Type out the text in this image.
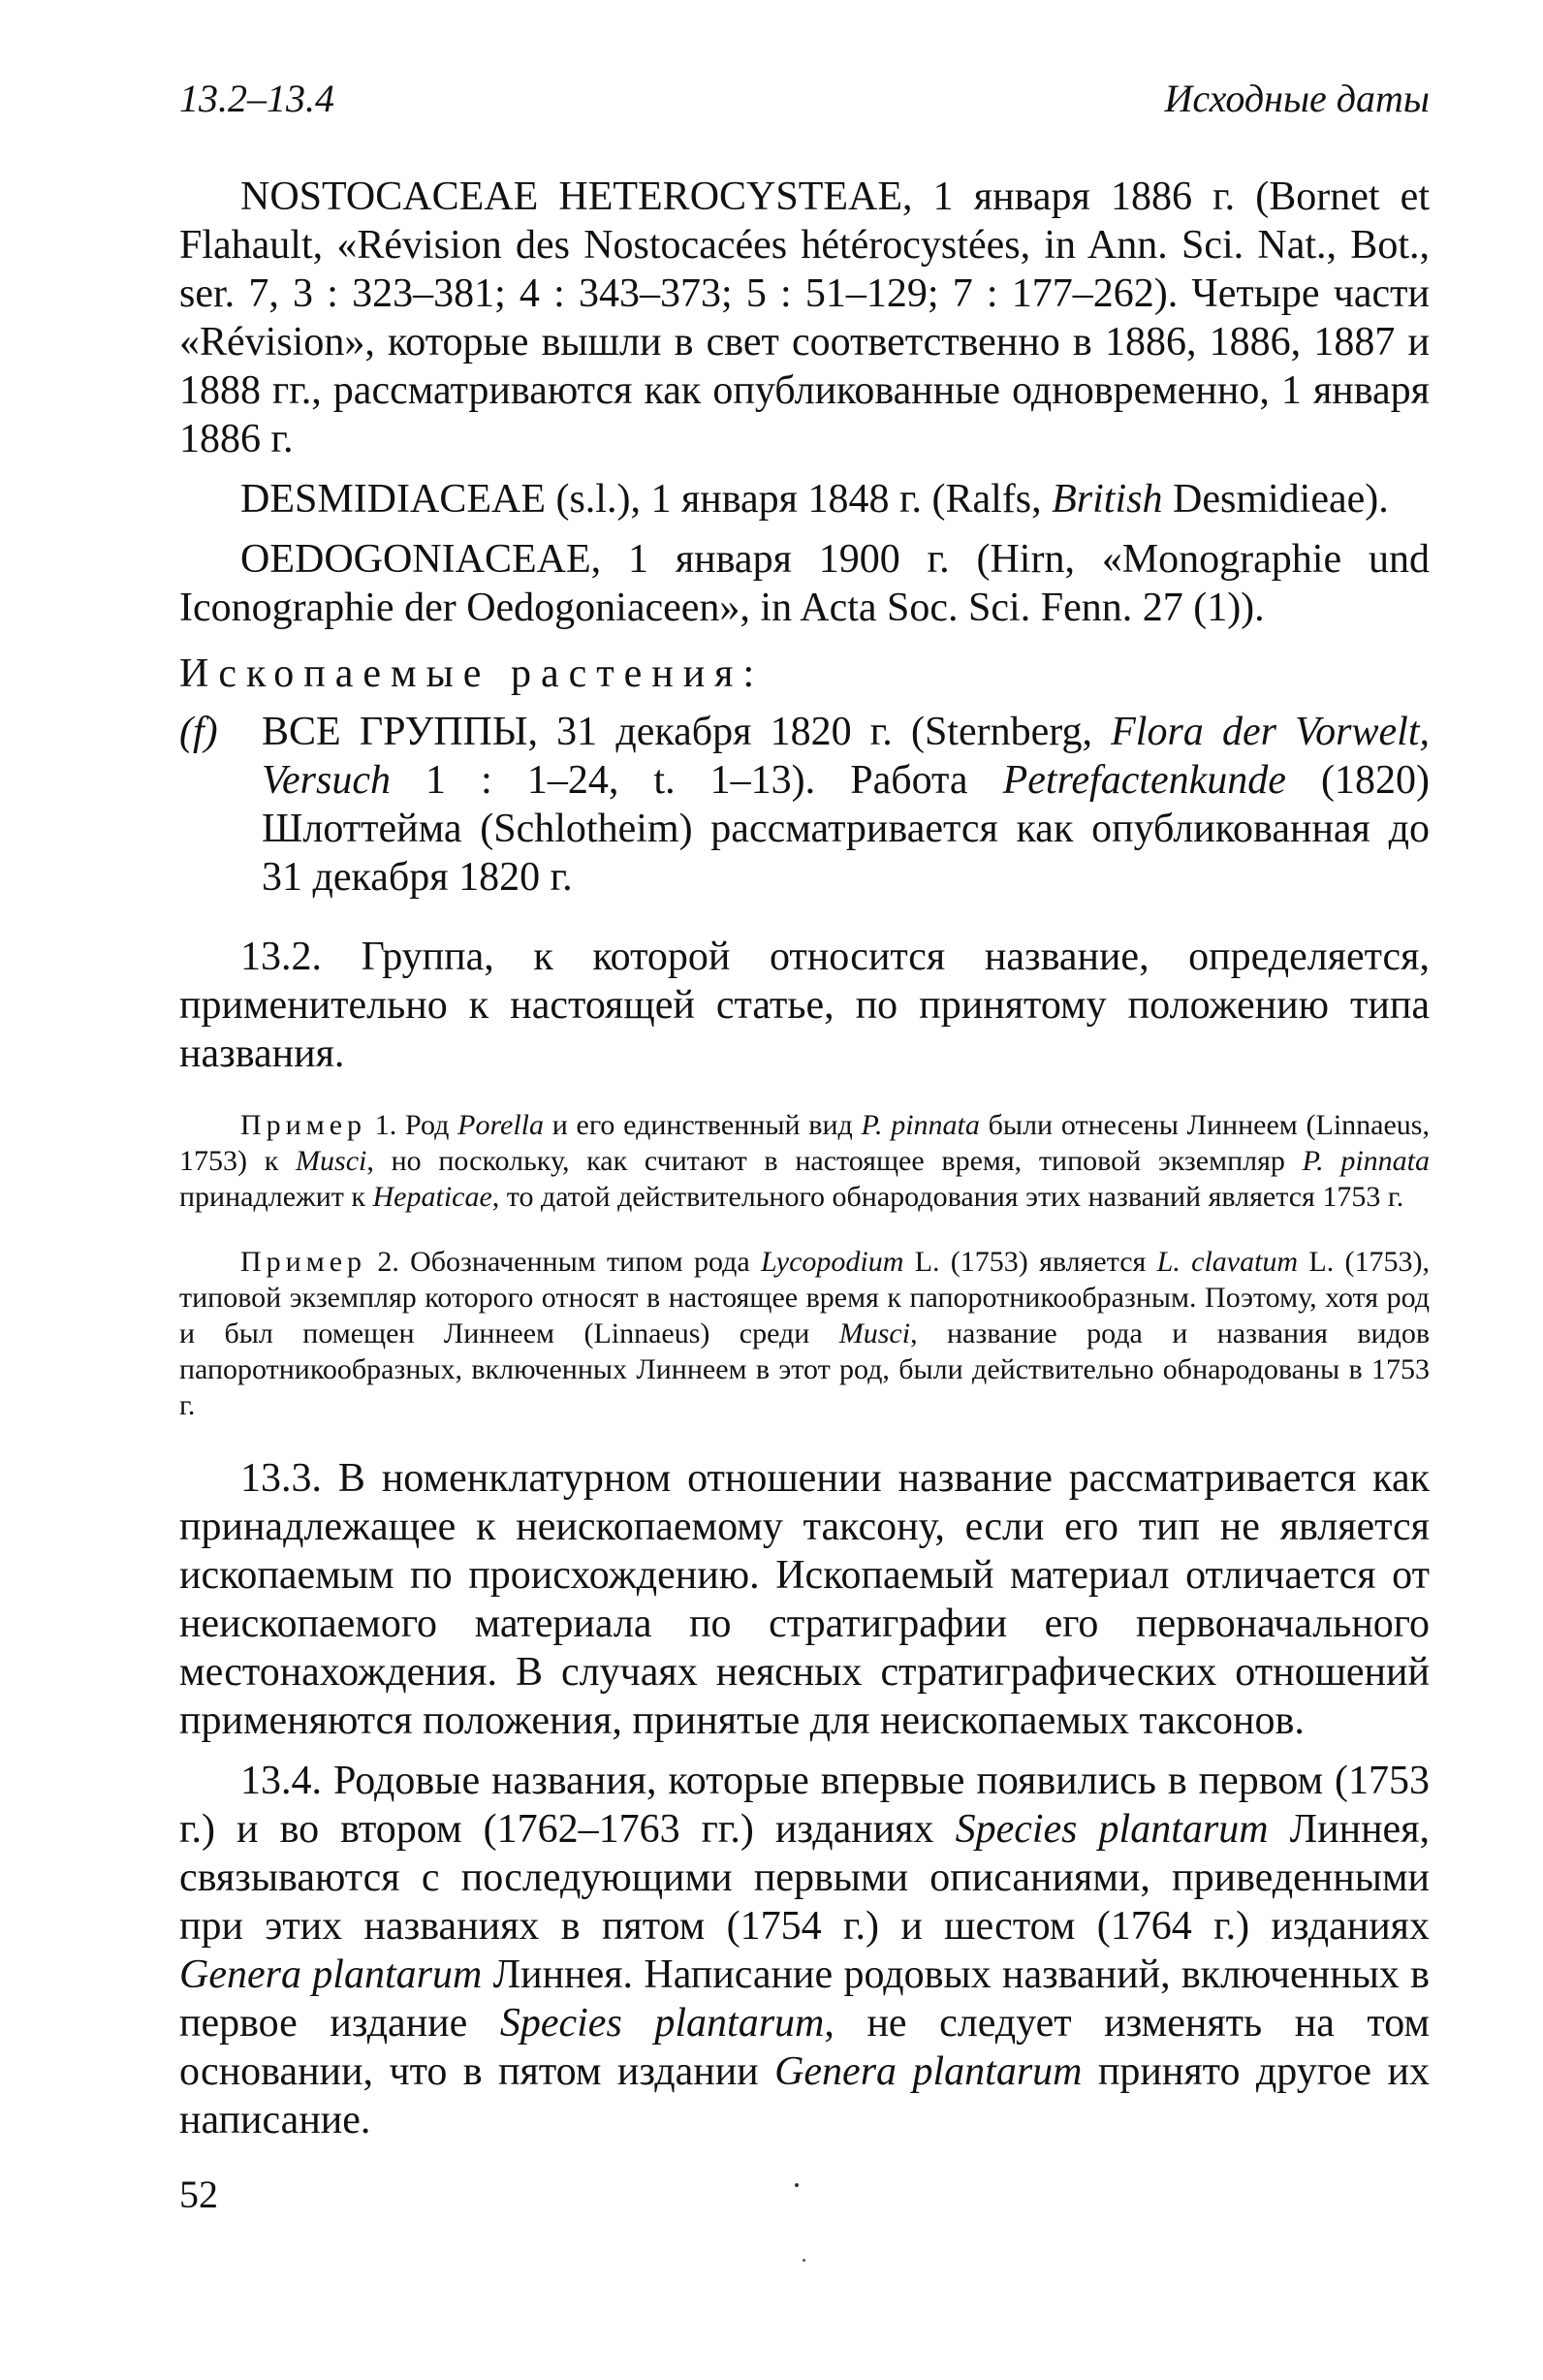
13.2–13.4	Исходные даты

NOSTOCACEAE HETEROCYSTEAE, 1 января 1886 г. (Bornet et Flahault, «Révision des Nostocacées hétérocystées, in Ann. Sci. Nat., Bot., ser. 7, 3 : 323–381; 4 : 343–373; 5 : 51–129; 7 : 177–262). Четыре части «Révision», которые вышли в свет соответственно в 1886, 1886, 1887 и 1888 гг., рассматриваются как опубликованные одновременно, 1 января 1886 г.

DESMIDIACEAE (s.l.), 1 января 1848 г. (Ralfs, British Desmidieae).

OEDOGONIACEAE, 1 января 1900 г. (Hirn, «Monographie und Iconographie der Oedogoniaceen», in Acta Soc. Sci. Fenn. 27 (1)).

Ископаемые растения:

(f)	ВСЕ ГРУППЫ, 31 декабря 1820 г. (Sternberg, Flora der Vorwelt, Versuch 1 : 1–24, t. 1–13). Работа Petrefactenkunde (1820) Шлоттейма (Schlotheim) рассматривается как опубликованная до 31 декабря 1820 г.

13.2. Группа, к которой относится название, определяется, применительно к настоящей статье, по принятому положению типа названия.

Пример 1. Род Porella и его единственный вид P. pinnata были отнесены Линнеем (Linnaeus, 1753) к Musci, но поскольку, как считают в настоящее время, типовой экземпляр P. pinnata принадлежит к Hepaticae, то датой действительного обнародования этих названий является 1753 г.

Пример 2. Обозначенным типом рода Lycopodium L. (1753) является L. clavatum L. (1753), типовой экземпляр которого относят в настоящее время к папоротникообразным. Поэтому, хотя род и был помещен Линнеем (Linnaeus) среди Musci, название рода и названия видов папоротникообразных, включенных Линнеем в этот род, были действительно обнародованы в 1753 г.

13.3. В номенклатурном отношении название рассматривается как принадлежащее к неископаемому таксону, если его тип не является ископаемым по происхождению. Ископаемый материал отличается от неископаемого материала по стратиграфии его первоначального местонахождения. В случаях неясных стратиграфических отношений применяются положения, принятые для неископаемых таксонов.

13.4. Родовые названия, которые впервые появились в первом (1753 г.) и во втором (1762–1763 гг.) изданиях Species plantarum Линнея, связываются с последующими первыми описаниями, приведенными при этих названиях в пятом (1754 г.) и шестом (1764 г.) изданиях Genera plantarum Линнея. Написание родовых названий, включенных в первое издание Species plantarum, не следует изменять на том основании, что в пятом издании Genera plantarum принято другое их написание.

52
